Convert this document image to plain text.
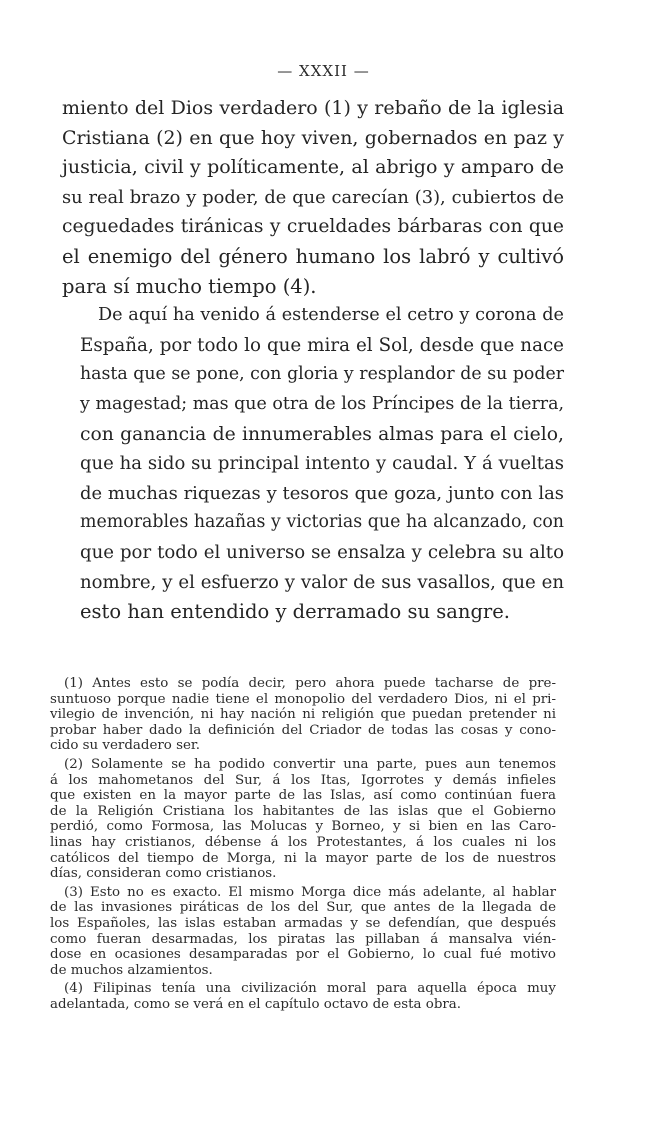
— XXXII —

miento del Dios verdadero (1) y rebaño de la iglesia
Cristiana (2) en que hoy viven, gobernados en paz y
justicia, civil y políticamente, al abrigo y amparo de
su real brazo y poder, de que carecían (3), cubiertos de
ceguedades tiránicas y crueldades bárbaras con que
el enemigo del género humano los labró y cultivó
para sí mucho tiempo (4).

De aquí ha venido á estenderse el cetro y corona de
España, por todo lo que mira el Sol, desde que nace
hasta que se pone, con gloria y resplandor de su poder
y magestad; mas que otra de los Príncipes de la tierra,
con ganancia de innumerables almas para el cielo,
que ha sido su principal intento y caudal. Y á vueltas
de muchas riquezas y tesoros que goza, junto con las
memorables hazañas y victorias que ha alcanzado, con
que por todo el universo se ensalza y celebra su alto
nombre, y el esfuerzo y valor de sus vasallos, que en
esto han entendido y derramado su sangre.

(1) Antes esto se podía decir, pero ahora puede tacharse de pre-
suntuoso porque nadie tiene el monopolio del verdadero Dios, ni el pri-
vilegio de invención, ni hay nación ni religión que puedan pretender ni
probar haber dado la definición del Criador de todas las cosas y cono-
cido su verdadero ser.
(2) Solamente se ha podido convertir una parte, pues aun tenemos
á los mahometanos del Sur, á los Itas, Igorrotes y demás infieles
que existen en la mayor parte de las Islas, así como continúan fuera
de la Religión Cristiana los habitantes de las islas que el Gobierno
perdió, como Formosa, las Molucas y Borneo, y si bien en las Caro-
linas hay cristianos, débense á los Protestantes, á los cuales ni los
católicos del tiempo de Morga, ni la mayor parte de los de nuestros
días, consideran como cristianos.
(3) Esto no es exacto. El mismo Morga dice más adelante, al hablar
de las invasiones piráticas de los del Sur, que antes de la llegada de
los Españoles, las islas estaban armadas y se defendían, que después
como fueran desarmadas, los piratas las pillaban á mansalva vién-
dose en ocasiones desamparadas por el Gobierno, lo cual fué motivo
de muchos alzamientos.
(4) Filipinas tenía una civilización moral para aquella época muy
adelantada, como se verá en el capítulo octavo de esta obra.
